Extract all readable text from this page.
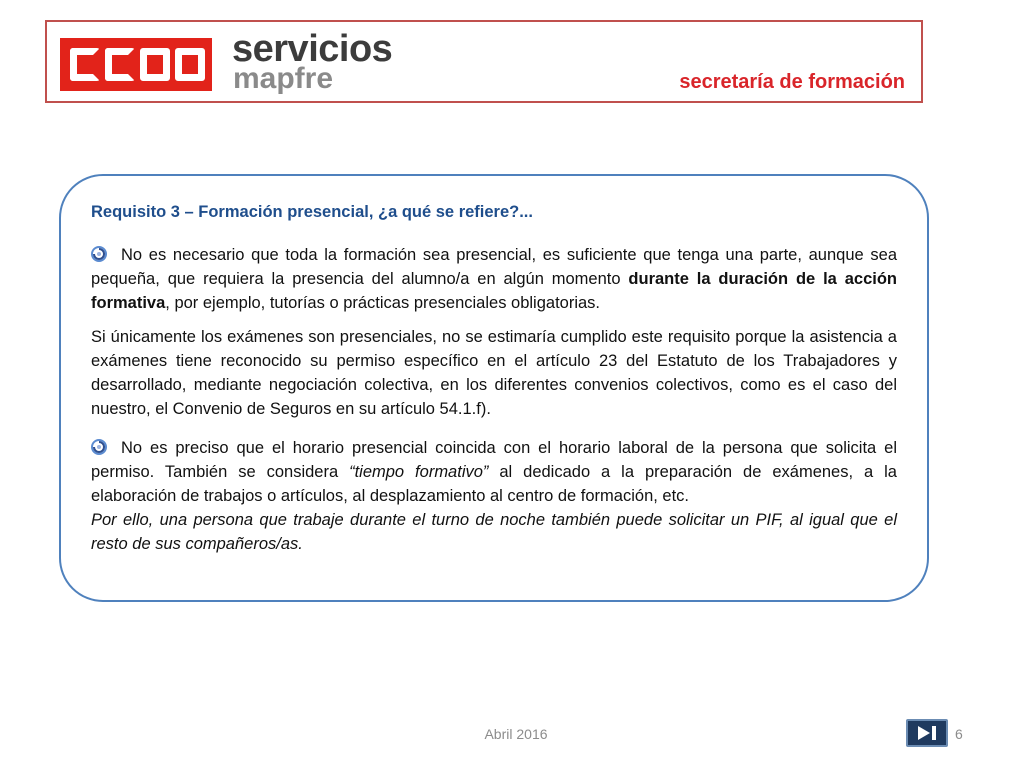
servicios
mapfre	secretaría de formación

Requisito 3 – Formación presencial, ¿a qué se refiere?...

No es necesario que toda la formación sea presencial, es suficiente que tenga una parte, aunque sea pequeña, que requiera la presencia del alumno/a en algún momento durante la duración de la acción formativa, por ejemplo, tutorías o prácticas presenciales obligatorias.

Si únicamente los exámenes son presenciales, no se estimaría cumplido este requisito porque la asistencia a exámenes tiene reconocido su permiso específico en el artículo 23 del Estatuto de los Trabajadores y desarrollado, mediante negociación colectiva, en los diferentes convenios colectivos, como es el caso del nuestro, el Convenio de Seguros en su artículo 54.1.f).

No es preciso que el horario presencial coincida con el horario laboral de la persona que solicita el permiso. También se considera “tiempo formativo” al dedicado a la preparación de exámenes, a la elaboración de trabajos o artículos, al desplazamiento al centro de formación, etc.

Por ello, una persona que trabaje durante el turno de noche también puede solicitar un PIF, al igual que el resto de sus compañeros/as.

Abril 2016	6
